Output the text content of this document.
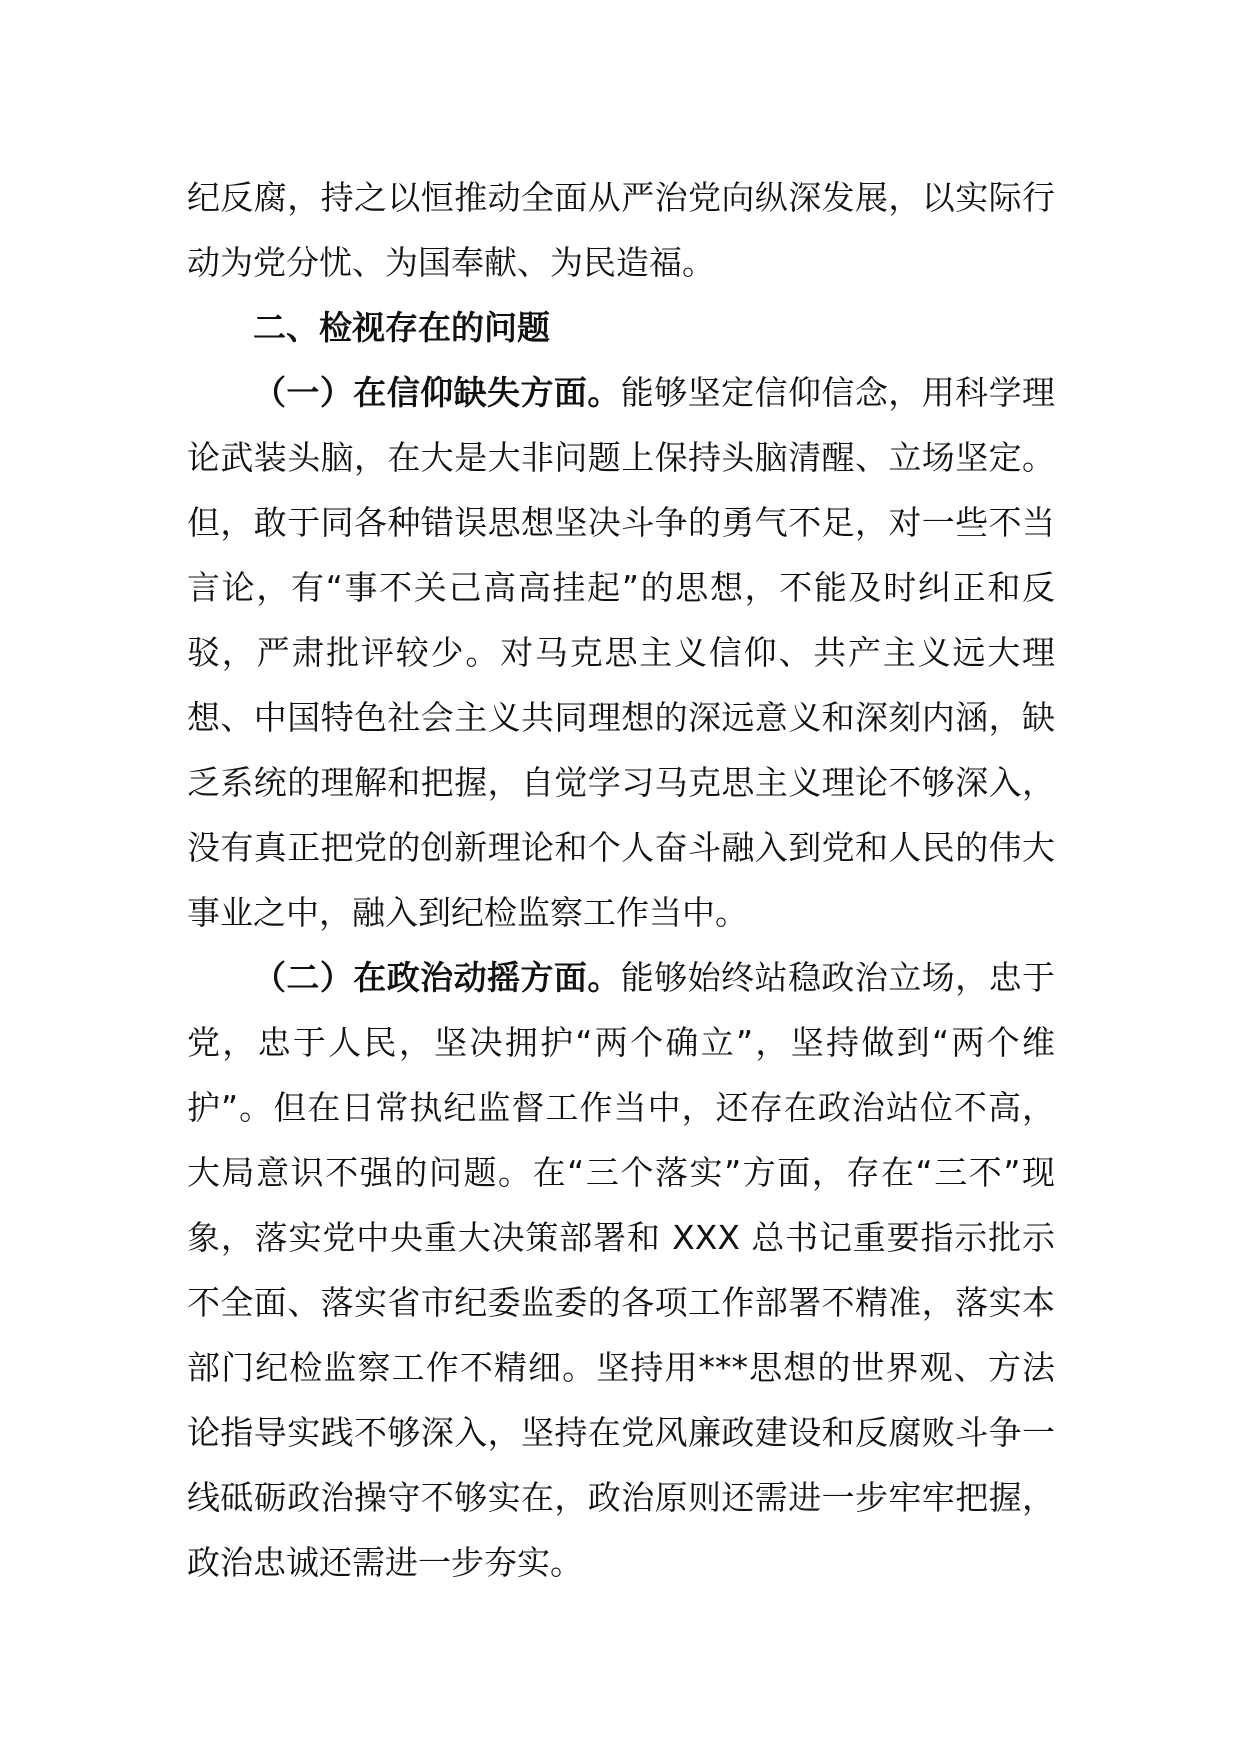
纪反腐，持之以恒推动全面从严治党向纵深发展，以实际行动为党分忧、为国奉献、为民造福。

二、检视存在的问题

（一）在信仰缺失方面。能够坚定信仰信念，用科学理论武装头脑，在大是大非问题上保持头脑清醒、立场坚定。但，敢于同各种错误思想坚决斗争的勇气不足，对一些不当言论，有“事不关己高高挂起”的思想，不能及时纠正和反驳，严肃批评较少。对马克思主义信仰、共产主义远大理想、中国特色社会主义共同理想的深远意义和深刻内涵，缺乏系统的理解和把握，自觉学习马克思主义理论不够深入，没有真正把党的创新理论和个人奋斗融入到党和人民的伟大事业之中，融入到纪检监察工作当中。

（二）在政治动摇方面。能够始终站稳政治立场，忠于党，忠于人民，坚决拥护“两个确立”，坚持做到“两个维护”。但在日常执纪监督工作当中，还存在政治站位不高，大局意识不强的问题。在“三个落实”方面，存在“三不”现象，落实党中央重大决策部署和 XXX 总书记重要指示批示不全面、落实省市纪委监委的各项工作部署不精准，落实本部门纪检监察工作不精细。坚持用***思想的世界观、方法论指导实践不够深入，坚持在党风廉政建设和反腐败斗争一线砥砺政治操守不够实在，政治原则还需进一步牢牢把握，政治忠诚还需进一步夯实。
